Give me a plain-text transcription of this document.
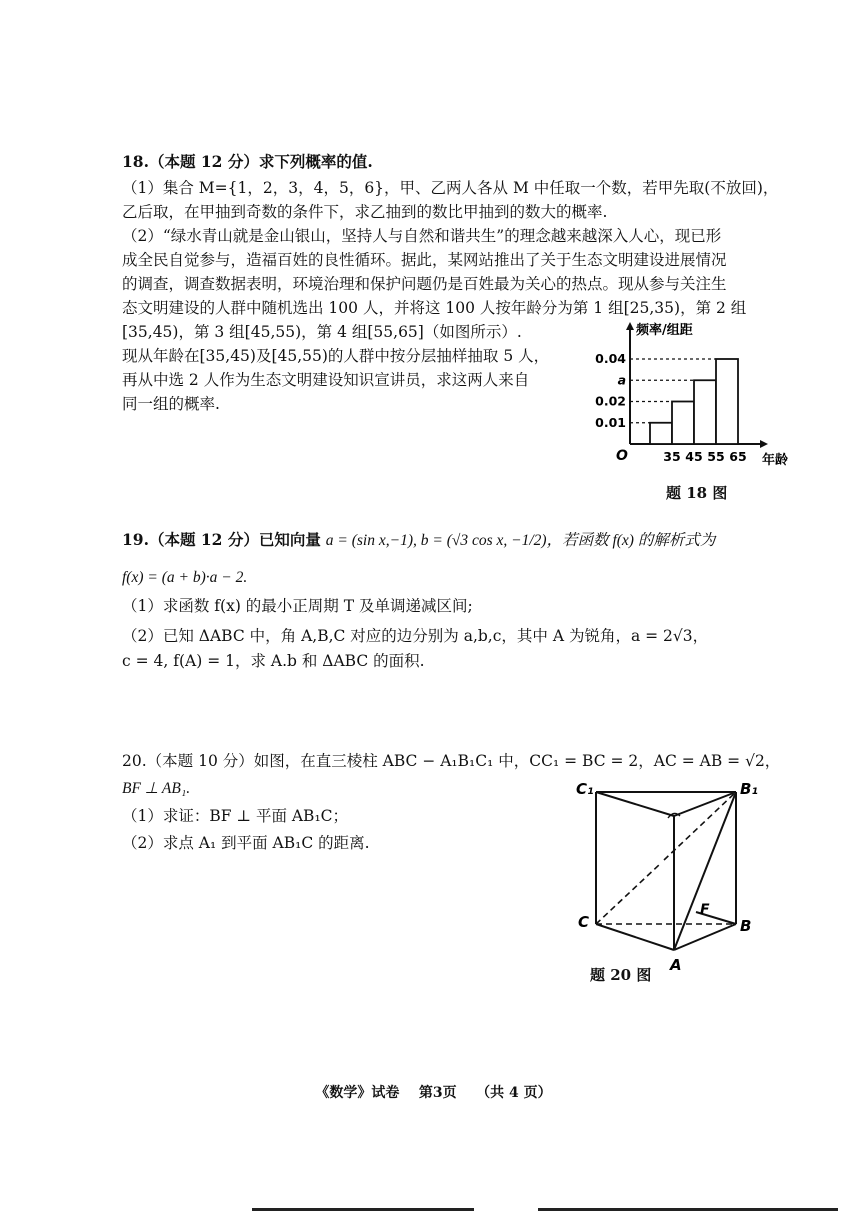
18.（本题 12 分）求下列概率的值.
（1）集合 M={1，2，3，4，5，6}，甲、乙两人各从 M 中任取一个数，若甲先取(不放回)，
乙后取，在甲抽到奇数的条件下，求乙抽到的数比甲抽到的数大的概率.
（2）“绿水青山就是金山银山，坚持人与自然和谐共生”的理念越来越深入人心，现已形
成全民自觉参与，造福百姓的良性循环。据此，某网站推出了关于生态文明建设进展情况
的调查，调查数据表明，环境治理和保护问题仍是百姓最为关心的热点。现从参与关注生
态文明建设的人群中随机选出 100 人，并将这 100 人按年龄分为第 1 组[25,35)，第 2 组
[35,45)，第 3 组[45,55)，第 4 组[55,65]（如图所示）.
现从年龄在[35,45)及[45,55)的人群中按分层抽样抽取 5 人，
再从中选 2 人作为生态文明建设知识宣讲员，求这两人来自
同一组的概率.
频率/组距
年龄
O
0.01
0.02
a
0.04
35 45 55 65
题 18 图
19.（本题 12 分）已知向量 a = (sin x,−1), b = (√3 cos x, −1/2)，若函数 f(x) 的解析式为
f(x) = (a + b)·a − 2.
（1）求函数 f(x) 的最小正周期 T 及单调递减区间;
（2）已知 ΔABC 中，角 A,B,C 对应的边分别为 a,b,c，其中 A 为锐角，a = 2√3，
c = 4, f(A) = 1，求 A.b 和 ΔABC 的面积.
20.（本题 10 分）如图，在直三棱柱 ABC − A₁B₁C₁ 中，CC₁ = BC = 2，AC = AB = √2，
BF ⊥ AB₁.
（1）求证：BF ⊥ 平面 AB₁C；
（2）求点 A₁ 到平面 AB₁C 的距离.
C₁	B₁
C	B
A
F
题 20 图
《数学》试卷    第3页    （共 4 页）
